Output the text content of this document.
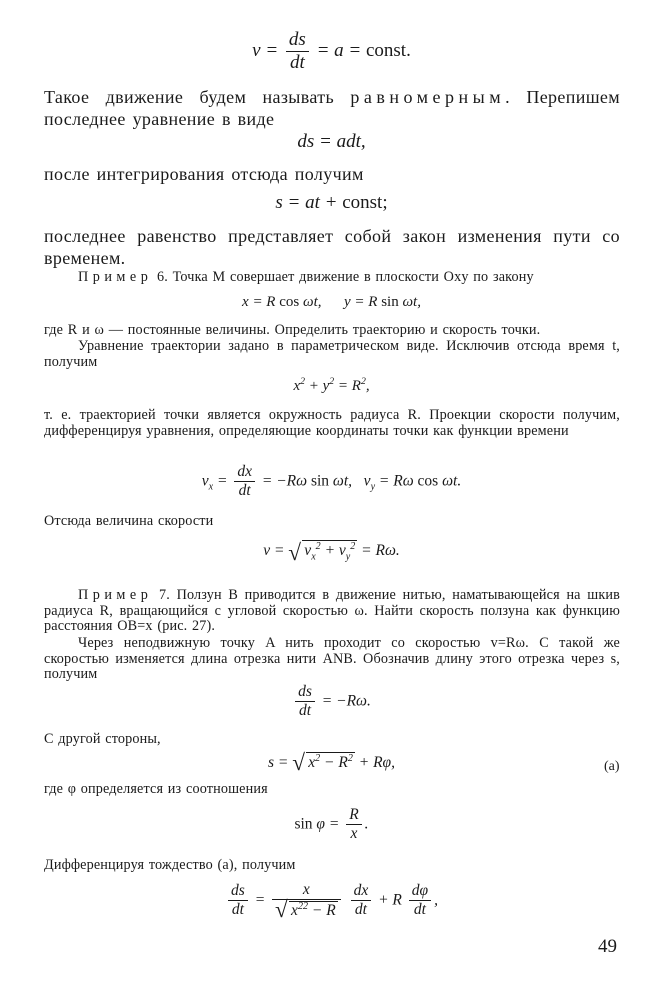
$v = \frac{ds}{dt} = a$ = const.
Такое движение будем называть равномерным. Перепишем последнее уравнение в виде
ds = adt,
после интегрирования отсюда получим
s = at + const;
последнее равенство представляет собой закон изменения пути со временем.
Пример 6. Точка M совершает движение в плоскости Oxy по закону
x = R cos ωt,      y = R sin ωt,
где R и ω — постоянные величины. Определить траекторию и скорость точки.
Уравнение траектории задано в параметрическом виде. Исключив отсюда время t, получим
$x^2 + y^2 = R^2$,
т. е. траекторией точки является окружность радиуса R. Проекции скорости получим, дифференцируя уравнения, определяющие координаты точки как функции времени
$v_x = \frac{dx}{dt} = -R\omega$ sin ωt,   $v_y = R\omega$ cos ωt.
Отсюда величина скорости
v = √ $v_x^2 + v_y^2 = R\omega$.
Пример 7. Ползун B приводится в движение нитью, наматывающейся на шкив радиуса R, вращающийся с угловой скоростью ω. Найти скорость ползуна как функцию расстояния OB=x (рис. 27).
Через неподвижную точку A нить проходит со скоростью v=Rω. С такой же скоростью изменяется длина отрезка нити ANB. Обозначив длину этого отрезка через s, получим
$\frac{ds}{dt} = -R\omega$.
С другой стороны,
s = √ $x^2 - R^2 + R\varphi$,	(a)
где φ определяется из соотношения
$\sin \varphi = \frac{R}{x}$ .
Дифференцируя тождество (а), получим
$\frac{ds}{dt} = \frac{x}{√ x^{22} - R}$
$\frac{dx}{dt} + R \frac{d\varphi}{dt}$ ,
49
